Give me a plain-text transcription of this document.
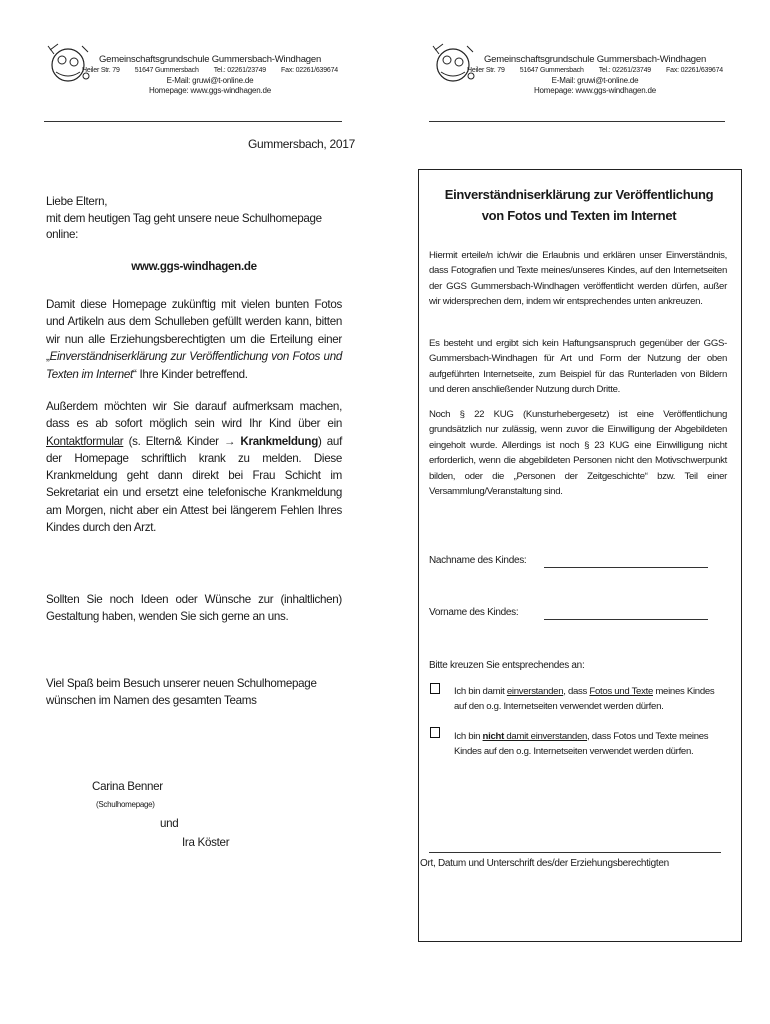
Gemeinschaftsgrundschule Gummersbach-Windhagen
Heiler Str. 79 51647 Gummersbach Tel.: 02261/23749 Fax: 02261/639674
E-Mail: gruwi@t-online.de
Homepage: www.ggs-windhagen.de
Gummersbach, 2017

Liebe Eltern,

mit dem heutigen Tag geht unsere neue Schulhomepage online:

www.ggs-windhagen.de
Damit diese Homepage zukünftig mit vielen bunten Fotos und Artikeln aus dem Schulleben gefüllt werden kann, bitten wir nun alle Erziehungsberechtigten um die Erteilung einer „Einverständniserklärung zur Veröffentlichung von Fotos und Texten im Internet“ Ihre Kinder betreffend.
Außerdem möchten wir Sie darauf aufmerksam machen, dass es ab sofort möglich sein wird Ihr Kind über ein Kontaktformular (s. Eltern& Kinder → Krankmeldung) auf der Homepage schriftlich krank zu melden. Diese Krankmeldung geht dann direkt bei Frau Schicht im Sekretariat ein und ersetzt eine telefonische Krankmeldung am Morgen, nicht aber ein Attest bei längerem Fehlen Ihres Kindes durch den Arzt.
Sollten Sie noch Ideen oder Wünsche zur (inhaltlichen) Gestaltung haben, wenden Sie sich gerne an uns.
Viel Spaß beim Besuch unserer neuen Schulhomepage wünschen im Namen des gesamten Teams
Carina Benner
(Schulhomepage)
und
Ira Köster
Gemeinschaftsgrundschule Gummersbach-Windhagen
Heiler Str. 79 51647 Gummersbach Tel.: 02261/23749 Fax: 02261/639674
E-Mail: gruwi@t-online.de
Homepage: www.ggs-windhagen.de
Einverständniserklärung zur Veröffentlichung
von Fotos und Texten im Internet
Hiermit erteile/n ich/wir die Erlaubnis und erklären unser Einverständnis, dass Fotografien und Texte meines/unseres Kindes, auf den Internetseiten der GGS Gummersbach-Windhagen veröffentlicht werden dürfen, außer wir widersprechen dem, indem wir entsprechendes unten ankreuzen.
Es besteht und ergibt sich kein Haftungsanspruch gegenüber der GGS-Gummersbach-Windhagen für Art und Form der Nutzung der oben aufgeführten Internetseite, zum Beispiel für das Runterladen von Bildern und deren anschließender Nutzung durch Dritte.
Noch § 22 KUG (Kunsturhebergesetz) ist eine Veröffentlichung grundsätzlich nur zulässig, wenn zuvor die Einwilligung der Abgebildeten eingeholt wurde. Allerdings ist noch § 23 KUG eine Einwilligung nicht erforderlich, wenn die abgebildeten Personen nicht den Motivschwerpunkt bilden, oder die „Personen der Zeitgeschichte“ bzw. Teil einer Versammlung/Veranstaltung sind.
Nachname des Kindes:
Vorname des Kindes:
Bitte kreuzen Sie entsprechendes an:
Ich bin damit einverstanden, dass Fotos und Texte meines Kindes auf den o.g. Internetseiten verwendet werden dürfen.
Ich bin nicht damit einverstanden, dass Fotos und Texte meines Kindes auf den o.g. Internetseiten verwendet werden dürfen.
Ort, Datum und Unterschrift des/der Erziehungsberechtigten
